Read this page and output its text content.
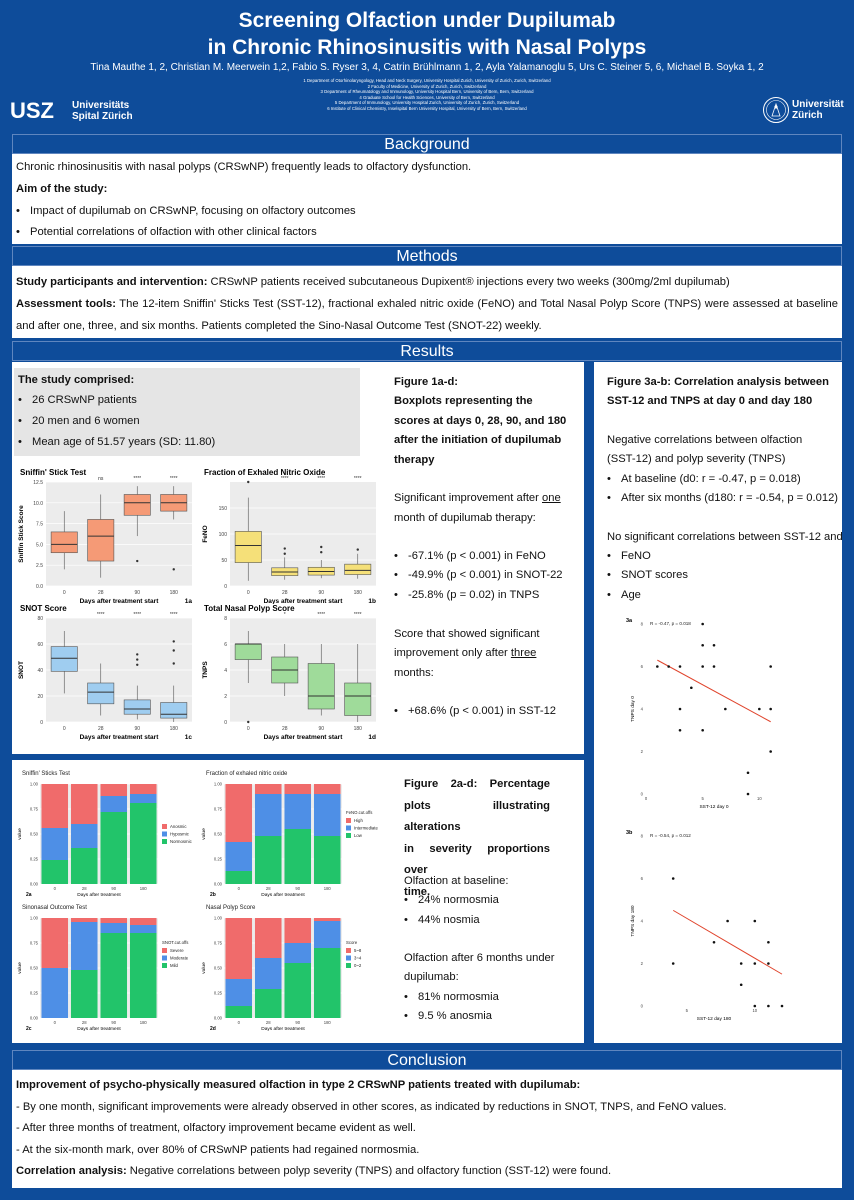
Screening Olfaction under Dupilumab
in Chronic Rhinosinusitis with Nasal Polyps
Tina Mauthe 1, 2, Christian M. Meerwein 1,2, Fabio S. Ryser 3, 4, Catrin Brühlmann 1, 2, Ayla Yalamanoglu 5, Urs C. Steiner 5, 6, Michael B. Soyka 1, 2
1 Department of Otorhinolaryngology, Head and Neck Surgery, University Hospital Zurich, University of Zurich, Zurich, Switzerland
2 Faculty of Medicine, University of Zurich, Zurich, Switzerland
3 Department of Rheumatology and Immunology, University Hospital Bern, University of Bern, Bern, Switzerland
4 Graduate School for Health Sciences, University of Bern, Switzerland
5 Department of Immunology, University Hospital Zurich, University of Zurich, Zurich, Switzerland
6 Institute of Clinical Chemistry, Inselspital Bern University Hospital, University of Bern, Bern, Switzerland
USZ Universitäts
Spital Zürich
Universität
Zürich
Background
Chronic rhinosinusitis with nasal polyps (CRSwNP) frequently leads to olfactory dysfunction.
Aim of the study:
• Impact of dupilumab on CRSwNP, focusing on olfactory outcomes
• Potential correlations of olfaction with other clinical factors
Methods
Study participants and intervention: CRSwNP patients received subcutaneous Dupixent® injections every two weeks (300mg/2ml dupilumab)
Assessment tools: The 12-item Sniffin' Sticks Test (SST-12), fractional exhaled nitric oxide (FeNO) and Total Nasal Polyp Score (TNPS) were assessed at baseline and after one, three, and six months. Patients completed the Sino-Nasal Outcome Test (SNOT-22) weekly.
Results
The study comprised:
• 26 CRSwNP patients
• 20 men and 6 women
• Mean age of 51.57 years (SD: 11.80)
Figure 1a-d:
Boxplots representing the
scores at days 0, 28, 90, and 180
after the initiation of dupilumab
therapy
Significant improvement after one
month of dupilumab therapy:
• -67.1% (p < 0.001) in FeNO
• -49.9% (p < 0.001) in SNOT-22
• -25.8% (p = 0.02) in TNPS
Score that showed significant
improvement only after three
months:
• +68.6% (p < 0.001) in SST-12
Figure 2a-d: Percentage
plots illustrating alterations
in severity proportions over
time.
Olfaction at baseline:
• 24% normosmia
• 44% nosmia
Olfaction after 6 months under
dupilumab:
• 81% normosmia
• 9.5 % anosmia
Figure 3a-b: Correlation analysis between
SST-12 and TNPS at day 0 and day 180
Negative correlations between olfaction
(SST-12) and polyp severity (TNPS)
• At baseline (d0: r = -0.47, p = 0.018)
• After six months (d180: r = -0.54, p = 0.012)
No significant correlations between SST-12 and
• FeNO
• SNOT scores
• Age
Sniffin' Stick Test
0.0
2.5
5.0
7.5
10.0
12.5
0	28
ns
90
****
180
****
Days after treatment start
Sniffin Stick Score
1a
Fraction of Exhaled Nitric Oxide
0
50
100
150
0	28
****
90
****
180
****
Days after treatment start
FeNO
1b
SNOT Score
0
20
40
60
80
0	28
****
90
****
180
****
Days after treatment start
SNOT
1c
Total Nasal Polyp Score
0
2
4
6
8
0	28
*
90
****
180
****
Days after treatment start
TNPS
1d
Sniffin' Sticks Test
0.00
0.25
0.50
0.75
1.00
0	28	90	180
Days after treatment
value
2a
Anosmic
Hyposmic
Normosmic
Fraction of exhaled nitric oxide
0.00
0.25
0.50
0.75
1.00
0	28	90	180
Days after treatment
value
2b
FeNO.cut.offs
High
Intermediate
Low
Sinonasal Outcome Test
0.00
0.25
0.50
0.75
1.00
0	28	90	180
Days after treatment
value
2c
SNOT.cut.offs
Severe
Moderate
Mild
Nasal Polyp Score
0.00
0.25
0.50
0.75
1.00
0	28	90	180
Days after treatment
value
2d
Score
5~8
3~4
0~2
0
2
4
6
8
0	5	10
R = -0.47, p = 0.018
SST-12 day 0
TNPS day 0
3a
0
2
4
6
8
5	10
R = -0.54, p = 0.012
SST-12 day 180
TNPS day 180
3b
Conclusion
Improvement of psycho-physically measured olfaction in type 2 CRSwNP patients treated with dupilumab:
- By one month, significant improvements were already observed in other scores, as indicated by reductions in SNOT, TNPS, and FeNO values.
- After three months of treatment, olfactory improvement became evident as well.
- At the six-month mark, over 80% of CRSwNP patients had regained normosmia.
Correlation analysis: Negative correlations between polyp severity (TNPS) and olfactory function (SST-12) were found.
